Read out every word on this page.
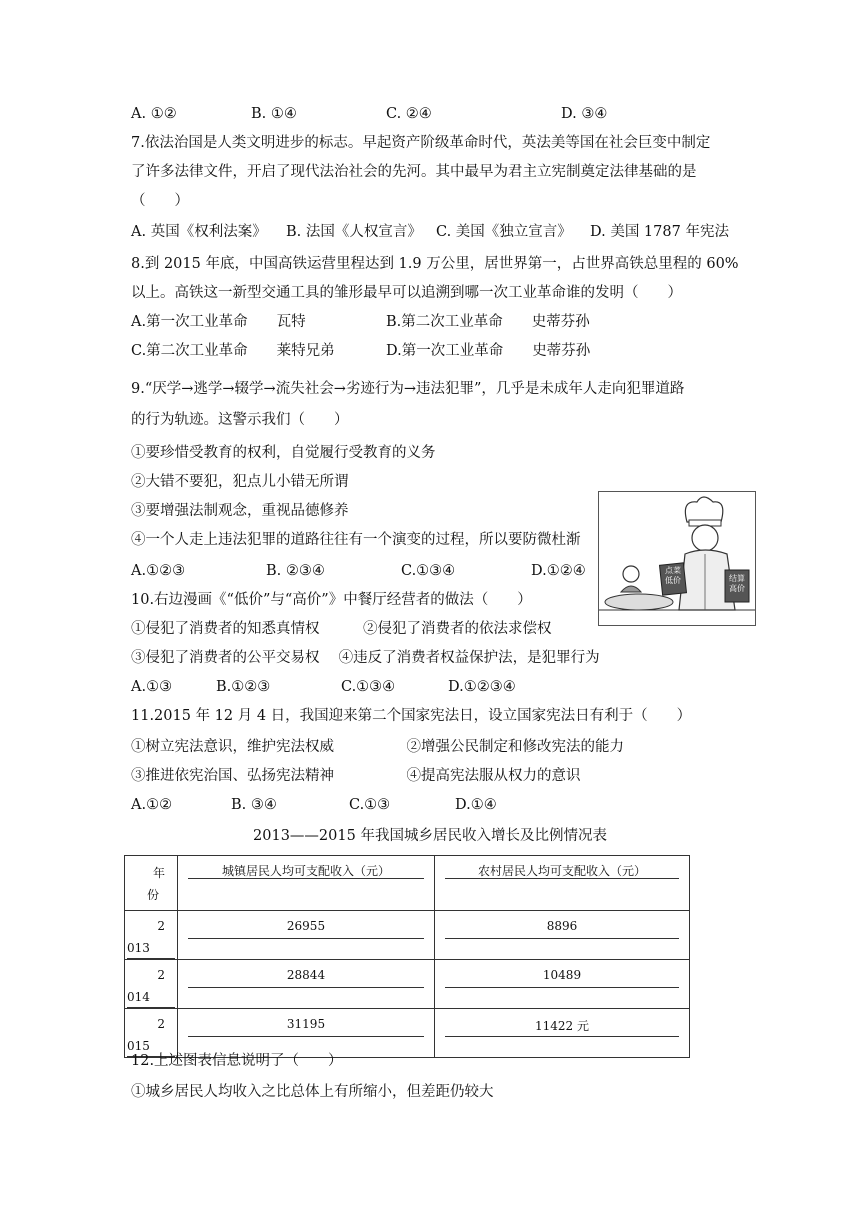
A. ①②	B. ①④	C. ②④	D. ③④
7.依法治国是人类文明进步的标志。早起资产阶级革命时代，英法美等国在社会巨变中制定
了许多法律文件，开启了现代法治社会的先河。其中最早为君主立宪制奠定法律基础的是
（　　）
A. 英国《权利法案》 B. 法国《人权宣言》 C. 美国《独立宣言》 D. 美国 1787 年宪法
8.到 2015 年底，中国高铁运营里程达到 1.9 万公里，居世界第一，占世界高铁总里程的 60%
以上。高铁这一新型交通工具的雏形最早可以追溯到哪一次工业革命谁的发明（　　）
A.第一次工业革命　　瓦特	B.第二次工业革命　　史蒂芬孙
C.第二次工业革命　　莱特兄弟	D.第一次工业革命　　史蒂芬孙
9.“厌学→逃学→辍学→流失社会→劣迹行为→违法犯罪”，几乎是未成年人走向犯罪道路
的行为轨迹。这警示我们（　　）
①要珍惜受教育的权利，自觉履行受教育的义务
②大错不要犯，犯点儿小错无所谓
③要增强法制观念，重视品德修养
④一个人走上违法犯罪的道路往往有一个演变的过程，所以要防微杜渐
A.①②③	B. ②③④	C.①③④	D.①②④	点菜低价	结算高价
10.右边漫画《“低价”与“高价”》中餐厅经营者的做法（　　）
①侵犯了消费者的知悉真情权　　　②侵犯了消费者的依法求偿权
③侵犯了消费者的公平交易权　 ④违反了消费者权益保护法，是犯罪行为
A.①③	B.①②③	C.①③④	D.①②③④
11.2015 年 12 月 4 日，我国迎来第二个国家宪法日，设立国家宪法日有利于（　　）
①树立宪法意识，维护宪法权威　　　　　②增强公民制定和修改宪法的能力
③推进依宪治国、弘扬宪法精神　　　　　④提高宪法服从权力的意识
A.①②	B. ③④	C.①③	D.①④
2013——2015 年我国城乡居民收入增长及比例情况表
年
份	城镇居民人均可支配收入（元）	农村居民人均可支配收入（元）

2
013	26955	8896

2
014	28844	10489

2
015	31195	11422 元
12.上述图表信息说明了（　　）
①城乡居民人均收入之比总体上有所缩小，但差距仍较大
